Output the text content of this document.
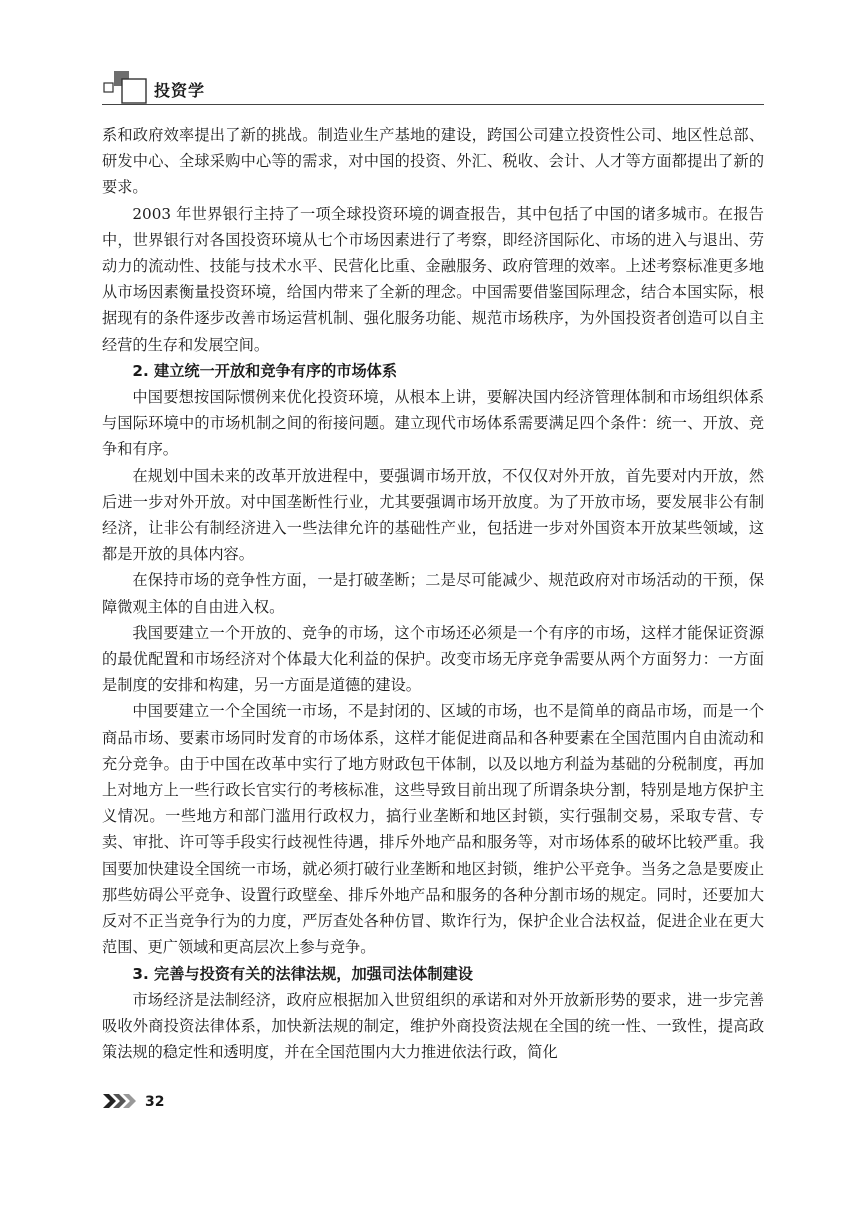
投资学

系和政府效率提出了新的挑战。制造业生产基地的建设，跨国公司建立投资性公司、地区性总部、研发中心、全球采购中心等的需求，对中国的投资、外汇、税收、会计、人才等方面都提出了新的要求。

2003 年世界银行主持了一项全球投资环境的调查报告，其中包括了中国的诸多城市。在报告中，世界银行对各国投资环境从七个市场因素进行了考察，即经济国际化、市场的进入与退出、劳动力的流动性、技能与技术水平、民营化比重、金融服务、政府管理的效率。上述考察标准更多地从市场因素衡量投资环境，给国内带来了全新的理念。中国需要借鉴国际理念，结合本国实际，根据现有的条件逐步改善市场运营机制、强化服务功能、规范市场秩序，为外国投资者创造可以自主经营的生存和发展空间。

2. 建立统一开放和竞争有序的市场体系

中国要想按国际惯例来优化投资环境，从根本上讲，要解决国内经济管理体制和市场组织体系与国际环境中的市场机制之间的衔接问题。建立现代市场体系需要满足四个条件：统一、开放、竞争和有序。

在规划中国未来的改革开放进程中，要强调市场开放，不仅仅对外开放，首先要对内开放，然后进一步对外开放。对中国垄断性行业，尤其要强调市场开放度。为了开放市场，要发展非公有制经济，让非公有制经济进入一些法律允许的基础性产业，包括进一步对外国资本开放某些领域，这都是开放的具体内容。

在保持市场的竞争性方面，一是打破垄断；二是尽可能减少、规范政府对市场活动的干预，保障微观主体的自由进入权。

我国要建立一个开放的、竞争的市场，这个市场还必须是一个有序的市场，这样才能保证资源的最优配置和市场经济对个体最大化利益的保护。改变市场无序竞争需要从两个方面努力：一方面是制度的安排和构建，另一方面是道德的建设。

中国要建立一个全国统一市场，不是封闭的、区域的市场，也不是简单的商品市场，而是一个商品市场、要素市场同时发育的市场体系，这样才能促进商品和各种要素在全国范围内自由流动和充分竞争。由于中国在改革中实行了地方财政包干体制，以及以地方利益为基础的分税制度，再加上对地方上一些行政长官实行的考核标准，这些导致目前出现了所谓条块分割，特别是地方保护主义情况。一些地方和部门滥用行政权力，搞行业垄断和地区封锁，实行强制交易，采取专营、专卖、审批、许可等手段实行歧视性待遇，排斥外地产品和服务等，对市场体系的破坏比较严重。我国要加快建设全国统一市场，就必须打破行业垄断和地区封锁，维护公平竞争。当务之急是要废止那些妨碍公平竞争、设置行政壁垒、排斥外地产品和服务的各种分割市场的规定。同时，还要加大反对不正当竞争行为的力度，严厉查处各种仿冒、欺诈行为，保护企业合法权益，促进企业在更大范围、更广领域和更高层次上参与竞争。

3. 完善与投资有关的法律法规，加强司法体制建设

市场经济是法制经济，政府应根据加入世贸组织的承诺和对外开放新形势的要求，进一步完善吸收外商投资法律体系，加快新法规的制定，维护外商投资法规在全国的统一性、一致性，提高政策法规的稳定性和透明度，并在全国范围内大力推进依法行政，简化

32
